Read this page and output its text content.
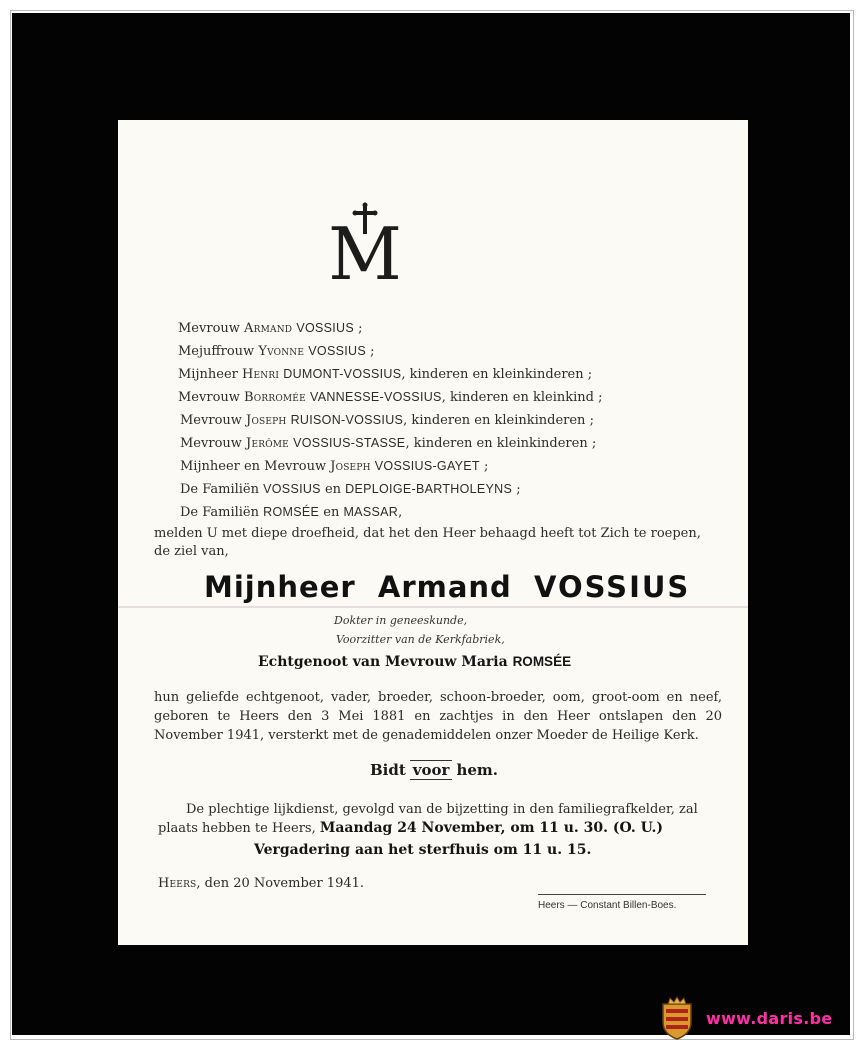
M
Mevrouw Armand VOSSIUS ;
Mejuffrouw Yvonne VOSSIUS ;
Mijnheer Henri DUMONT-VOSSIUS, kinderen en kleinkinderen ;
Mevrouw Borromée VANNESSE-VOSSIUS, kinderen en kleinkind ;
Mevrouw Joseph RUISON-VOSSIUS, kinderen en kleinkinderen ;
Mevrouw Jerôme VOSSIUS-STASSE, kinderen en kleinkinderen ;
Mijnheer en Mevrouw Joseph VOSSIUS-GAYET ;
De Familiën VOSSIUS en DEPLOIGE-BARTHOLEYNS ;
De Familiën ROMSÉE en MASSAR,
melden U met diepe droefheid, dat het den Heer behaagd heeft tot Zich te roepen,
de ziel van,
Mijnheer Armand VOSSIUS
Dokter in geneeskunde,
Voorzitter van de Kerkfabriek,
Echtgenoot van Mevrouw Maria ROMSÉE
hun geliefde echtgenoot, vader, broeder, schoon-broeder, oom, groot-oom en neef, geboren te Heers den 3 Mei 1881 en zachtjes in den Heer ontslapen den 20 November 1941, versterkt met de genademiddelen onzer Moeder de Heilige Kerk.
Bidt voor hem.
De plechtige lijkdienst, gevolgd van de bijzetting in den familiegrafkelder, zal plaats hebben te Heers, Maandag 24 November, om 11 u. 30. (O. U.)
Vergadering aan het sterfhuis om 11 u. 15.
Heers, den 20 November 1941.
Heers — Constant Billen-Boes.
www.daris.be
